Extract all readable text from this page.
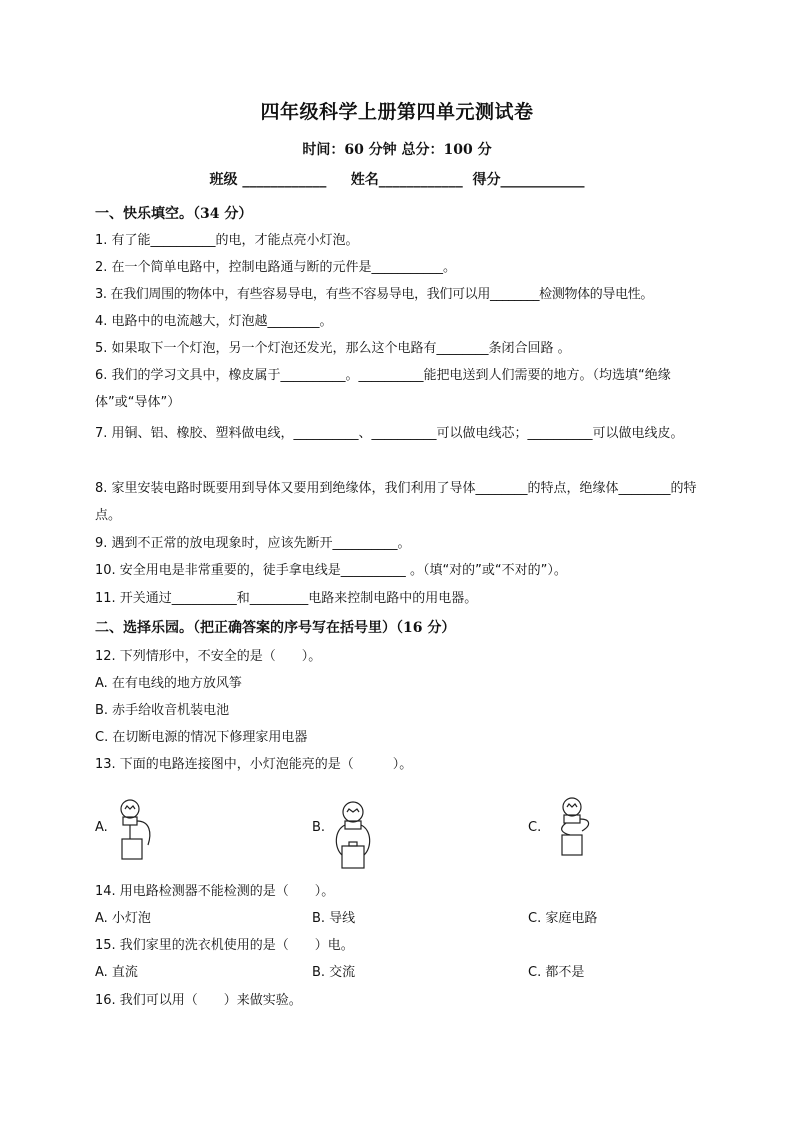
四年级科学上册第四单元测试卷
时间：60 分钟 总分：100 分
班级 ____________     姓名____________  得分____________
一、快乐填空。（34 分）
1. 有了能__________的电，才能点亮小灯泡。
2. 在一个简单电路中，控制电路通与断的元件是___________。
3. 在我们周围的物体中，有些容易导电，有些不容易导电，我们可以用________检测物体的导电性。
4. 电路中的电流越大，灯泡越________。
5. 如果取下一个灯泡，另一个灯泡还发光，那么这个电路有________条闭合回路 。
6. 我们的学习文具中，橡皮属于__________。__________能把电送到人们需要的地方。（均选填“绝缘体”或“导体”）
7. 用铜、铝、橡胶、塑料做电线，__________、__________可以做电线芯；__________可以做电线皮。
8. 家里安装电路时既要用到导体又要用到绝缘体，我们利用了导体________的特点，绝缘体________的特点。
9. 遇到不正常的放电现象时，应该先断开__________。
10. 安全用电是非常重要的，徒手拿电线是__________ 。（填“对的”或“不对的”）。
11. 开关通过__________和_________电路来控制电路中的用电器。
二、选择乐园。（把正确答案的序号写在括号里）（16 分）
12. 下列情形中，不安全的是（　　）。
A. 在有电线的地方放风筝
B. 赤手给收音机装电池
C. 在切断电源的情况下修理家用电器
13. 下面的电路连接图中，小灯泡能亮的是（　　　）。
A.	B.	C.
14. 用电路检测器不能检测的是（　　）。
A. 小灯泡	B. 导线	C. 家庭电路
15. 我们家里的洗衣机使用的是（　　）电。
A. 直流	B. 交流	C. 都不是
16. 我们可以用（　　）来做实验。
